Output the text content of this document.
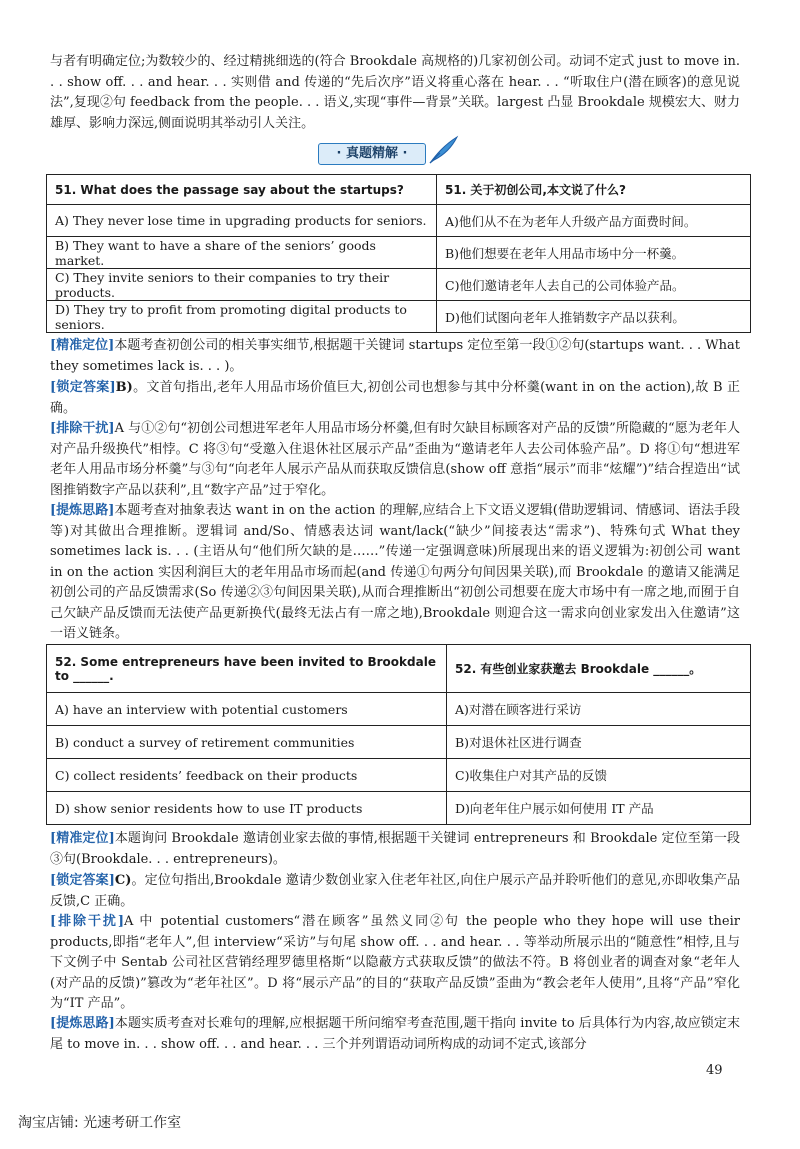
与者有明确定位;为数较少的、经过精挑细选的(符合 Brookdale 高规格的)几家初创公司。动词不定式 just to move in. . . show off. . . and hear. . . 实则借 and 传递的“先后次序”语义将重心落在 hear. . . “听取住户(潜在顾客)的意见说法”,复现②句 feedback from the people. . . 语义,实现“事件—背景”关联。largest 凸显 Brookdale 规模宏大、财力雄厚、影响力深远,侧面说明其举动引人关注。

· 真题精解 ·
51. What does the passage say about the startups?	51. 关于初创公司,本文说了什么?
A) They never lose time in upgrading products for seniors.	A)他们从不在为老年人升级产品方面费时间。
B) They want to have a share of the seniors’ goods market.	B)他们想要在老年人用品市场中分一杯羹。
C) They invite seniors to their companies to try their products.	C)他们邀请老年人去自己的公司体验产品。
D) They try to profit from promoting digital products to seniors.	D)他们试图向老年人推销数字产品以获利。

[精准定位]本题考查初创公司的相关事实细节,根据题干关键词 startups 定位至第一段①②句(startups want. . . What they sometimes lack is. . . )。

[锁定答案]B)。文首句指出,老年人用品市场价值巨大,初创公司也想参与其中分杯羹(want in on the action),故 B 正确。

[排除干扰]A 与①②句“初创公司想进军老年人用品市场分杯羹,但有时欠缺目标顾客对产品的反馈”所隐藏的“愿为老年人对产品升级换代”相悖。C 将③句“受邀入住退休社区展示产品”歪曲为“邀请老年人去公司体验产品”。D 将①句“想进军老年人用品市场分杯羹”与③句“向老年人展示产品从而获取反馈信息(show off 意指“展示”而非“炫耀”)”结合捏造出“试图推销数字产品以获利”,且“数字产品”过于窄化。

[提炼思路]本题考查对抽象表达 want in on the action 的理解,应结合上下文语义逻辑(借助逻辑词、情感词、语法手段等)对其做出合理推断。逻辑词 and/So、情感表达词 want/lack(“缺少”间接表达“需求”)、特殊句式 What they sometimes lack is. . . (主语从句“他们所欠缺的是……”传递一定强调意味)所展现出来的语义逻辑为:初创公司 want in on the action 实因利润巨大的老年用品市场而起(and 传递①句两分句间因果关联),而 Brookdale 的邀请又能满足初创公司的产品反馈需求(So 传递②③句间因果关联),从而合理推断出“初创公司想要在庞大市场中有一席之地,而囿于自己欠缺产品反馈而无法使产品更新换代(最终无法占有一席之地),Brookdale 则迎合这一需求向创业家发出入住邀请”这一语义链条。

52. Some entrepreneurs have been invited to Brookdale to ______.	52. 有些创业家获邀去 Brookdale ______。
A) have an interview with potential customers	A)对潜在顾客进行采访
B) conduct a survey of retirement communities	B)对退休社区进行调查
C) collect residents’ feedback on their products	C)收集住户对其产品的反馈
D) show senior residents how to use IT products	D)向老年住户展示如何使用 IT 产品

[精准定位]本题询问 Brookdale 邀请创业家去做的事情,根据题干关键词 entrepreneurs 和 Brookdale 定位至第一段③句(Brookdale. . . entrepreneurs)。

[锁定答案]C)。定位句指出,Brookdale 邀请少数创业家入住老年社区,向住户展示产品并聆听他们的意见,亦即收集产品反馈,C 正确。

[排除干扰]A 中 potential customers“潜在顾客”虽然义同②句 the people who they hope will use their products,即指“老年人”,但 interview“采访”与句尾 show off. . . and hear. . . 等举动所展示出的“随意性”相悖,且与下文例子中 Sentab 公司社区营销经理罗德里格斯“以隐蔽方式获取反馈”的做法不符。B 将创业者的调查对象“老年人(对产品的反馈)”篡改为“老年社区”。D 将“展示产品”的目的“获取产品反馈”歪曲为“教会老年人使用”,且将“产品”窄化为“IT 产品”。

[提炼思路]本题实质考查对长难句的理解,应根据题干所问缩窄考查范围,题干指向 invite to 后具体行为内容,故应锁定末尾 to move in. . . show off. . . and hear. . . 三个并列谓语动词所构成的动词不定式,该部分

49
淘宝店铺: 光速考研工作室
